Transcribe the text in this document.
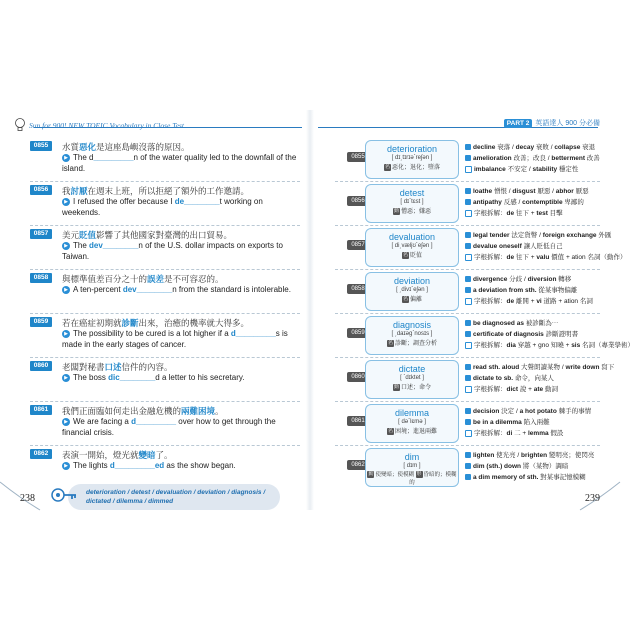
Sun for 900! NEW TOEIC Vocabulary in Close Test	PART 2 英語達人 900 分必備
0855	水質惡化是這座島嶼沒落的原因。
▶ The d_________n of the water quality led to the downfall of the island.
0856	我討厭在週末上班，所以拒絕了額外的工作邀請。
▶ I refused the offer because I de________t working on weekends.
0857	美元貶值影響了其他國家對臺灣的出口貿易。
▶ The dev________n of the U.S. dollar impacts on exports to Taiwan.
0858	與標準值差百分之十的誤差是不可容忍的。
▶ A ten-percent dev________n from the standard is intolerable.
0859	若在癌症初期就診斷出來，治癒的機率就大得多。
▶ The possibility to be cured is a lot higher if a d_________s is made in the early stages of cancer.
0860	老闆對秘書口述信件的內容。
▶ The boss dic________d a letter to his secretary.
0861	我們正面臨如何走出金融危機的兩難困境。
▶ We are facing a d_________ over how to get through the financial crisis.
0862	表演一開始，燈光就變暗了。
▶ The lights d_________ed as the show began.
0855
deterioration
[ dɪ͵tɪrɪəˋreʃən ]
名 惡化；退化；墮落
decline 衰落 / decay 衰敗 / collapse 衰退
amelioration 改善；改良 / betterment 改善
imbalance 不安定 / stability 穩定性
0856
detest
[ dɪˋtɛst ]
動 憎惡；嫌惡
loathe 憎恨 / disgust 厭惡 / abhor 厭惡
antipathy 反感 / contemptible 卑鄙的
字根拆解：de 往下 + test 目擊
0857
devaluation
[ di͵væljʊˋeʃən ]
名 貶值
legal tender 法定貨幣 / foreign exchange 外匯
devalue oneself 讓人貶低自己
字根拆解：de 往下 + valu 價值 + ation 名詞（動作）
0858
deviation
[ ͵divɪˋeʃən ]
名 偏離
divergence 分歧 / diversion 轉移
a deviation from sth. 從某事物偏離
字根拆解：de 離開 + vi 道路 + ation 名詞
0859
diagnosis
[ ͵daɪəgˋnosɪs ]
名 診斷；調查分析
be diagnosed as 被診斷為⋯
certificate of diagnosis 診斷證明書
字根拆解：dia 穿越 + gno 知曉 + sis 名詞（專業學術）
0860
dictate
[ ˋdɪktet ]
動 口述；命令
read sth. aloud 大聲朗讀某物 / write down 寫下
dictate to sb. 命令，向某人
字根拆解：dict 說 + ate 動詞
0861
dilemma
[ dəˋlɛmə ]
名 困境；進退兩難
decision 決定 / a hot potato 棘手的事情
be in a dilemma 陷入兩難
字根拆解：di 二 + lemma 假設
0862
dim
[ dɪm ]
動 使變暗；使模糊 形 昏暗的；模糊的
lighten 使光亮 / brighten 變明亮；使閃亮
dim (sth.) down 將（某物）調暗
a dim memory of sth. 對某事記憶模糊
238	239
deterioration / detest / devaluation / deviation / diagnosis / dictated / dilemma / dimmed
